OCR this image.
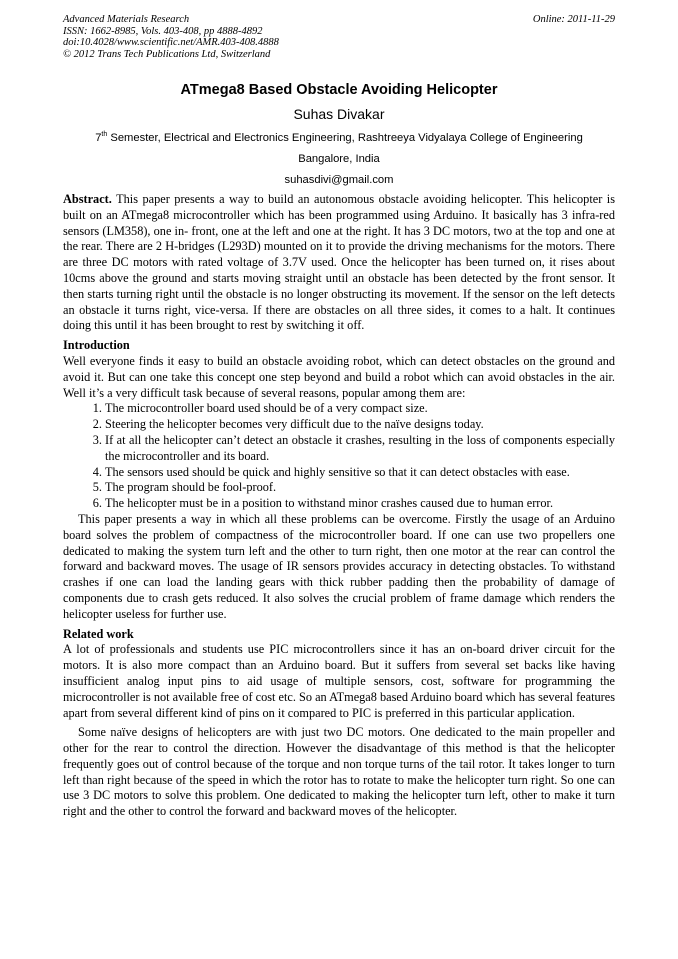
Advanced Materials Research	Online: 2011-11-29
ISSN: 1662-8985, Vols. 403-408, pp 4888-4892
doi:10.4028/www.scientific.net/AMR.403-408.4888
© 2012 Trans Tech Publications Ltd, Switzerland
ATmega8 Based Obstacle Avoiding Helicopter
Suhas Divakar
7th Semester, Electrical and Electronics Engineering, Rashtreeya Vidyalaya College of Engineering
Bangalore, India
suhasdivi@gmail.com

Abstract. This paper presents a way to build an autonomous obstacle avoiding helicopter. This helicopter is built on an ATmega8 microcontroller which has been programmed using Arduino. It basically has 3 infra-red sensors (LM358), one in- front, one at the left and one at the right. It has 3 DC motors, two at the top and one at the rear. There are 2 H-bridges (L293D) mounted on it to provide the driving mechanisms for the motors. There are three DC motors with rated voltage of 3.7V used. Once the helicopter has been turned on, it rises about 10cms above the ground and starts moving straight until an obstacle has been detected by the front sensor. It then starts turning right until the obstacle is no longer obstructing its movement. If the sensor on the left detects an obstacle it turns right, vice-versa. If there are obstacles on all three sides, it comes to a halt. It continues doing this until it has been brought to rest by switching it off.

Introduction

Well everyone finds it easy to build an obstacle avoiding robot, which can detect obstacles on the ground and avoid it. But can one take this concept one step beyond and build a robot which can avoid obstacles in the air. Well it’s a very difficult task because of several reasons, popular among them are:

1. The microcontroller board used should be of a very compact size.
2. Steering the helicopter becomes very difficult due to the naïve designs today.
3. If at all the helicopter can’t detect an obstacle it crashes, resulting in the loss of components especially the microcontroller and its board.
4. The sensors used should be quick and highly sensitive so that it can detect obstacles with ease.
5. The program should be fool-proof.
6. The helicopter must be in a position to withstand minor crashes caused due to human error.

This paper presents a way in which all these problems can be overcome. Firstly the usage of an Arduino board solves the problem of compactness of the microcontroller board. If one can use two propellers one dedicated to making the system turn left and the other to turn right, then one motor at the rear can control the forward and backward moves. The usage of IR sensors provides accuracy in detecting obstacles. To withstand crashes if one can load the landing gears with thick rubber padding then the probability of damage of components due to crash gets reduced. It also solves the crucial problem of frame damage which renders the helicopter useless for further use.

Related work

A lot of professionals and students use PIC microcontrollers since it has an on-board driver circuit for the motors. It is also more compact than an Arduino board. But it suffers from several set backs like having insufficient analog input pins to aid usage of multiple sensors, cost, software for programming the microcontroller is not available free of cost etc. So an ATmega8 based Arduino board which has several features apart from several different kind of pins on it compared to PIC is preferred in this particular application.

Some naïve designs of helicopters are with just two DC motors. One dedicated to the main propeller and other for the rear to control the direction. However the disadvantage of this method is that the helicopter frequently goes out of control because of the torque and non torque turns of the tail rotor. It takes longer to turn left than right because of the speed in which the rotor has to rotate to make the helicopter turn right. So one can use 3 DC motors to solve this problem. One dedicated to making the helicopter turn left, other to make it turn right and the other to control the forward and backward moves of the helicopter.
